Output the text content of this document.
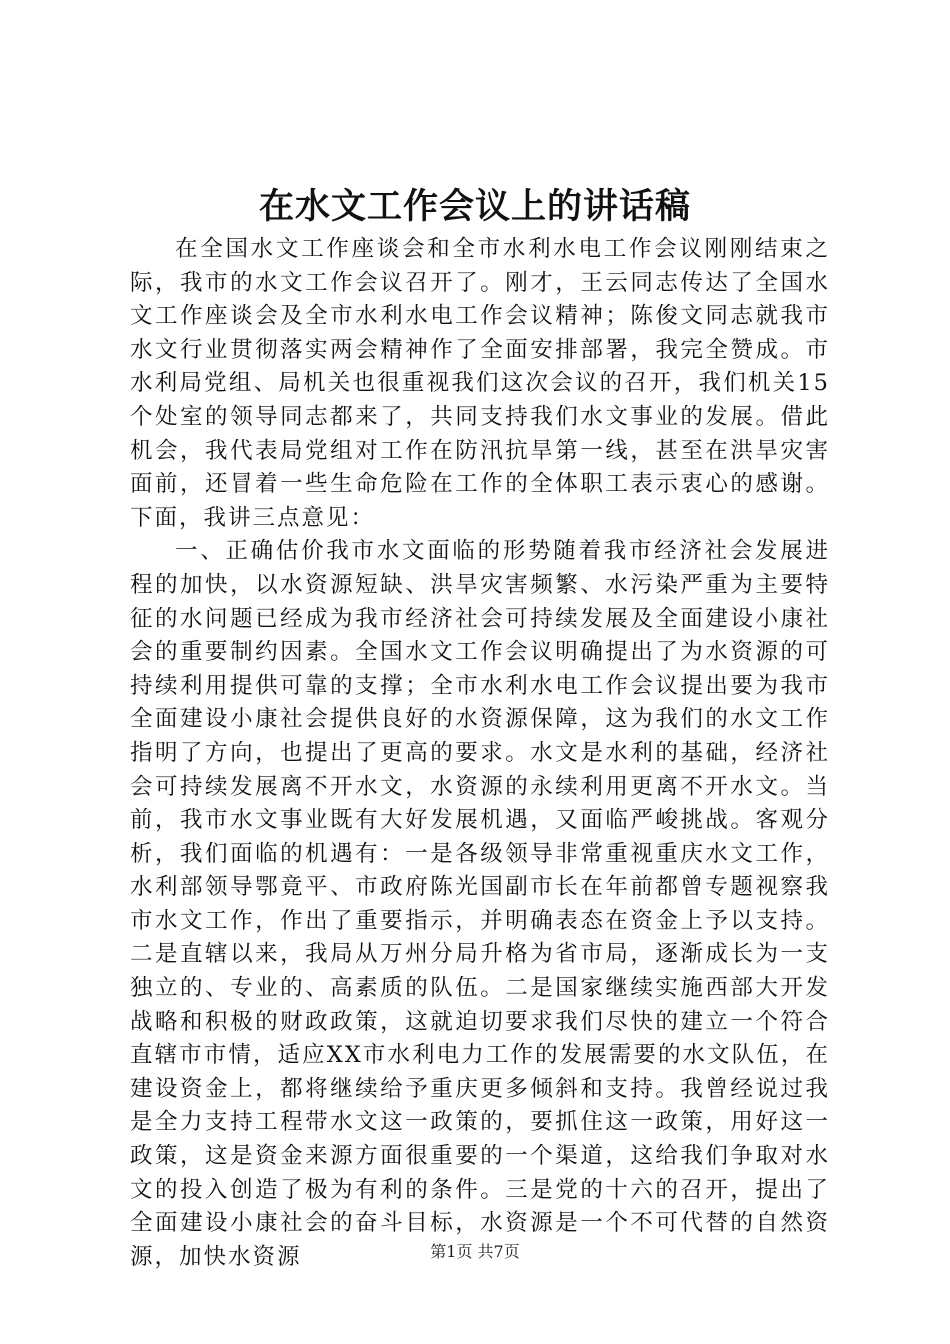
在水文工作会议上的讲话稿

在全国水文工作座谈会和全市水利水电工作会议刚刚结束之际，我市的水文工作会议召开了。刚才，王云同志传达了全国水文工作座谈会及全市水利水电工作会议精神；陈俊文同志就我市水文行业贯彻落实两会精神作了全面安排部署，我完全赞成。市水利局党组、局机关也很重视我们这次会议的召开，我们机关15个处室的领导同志都来了，共同支持我们水文事业的发展。借此机会，我代表局党组对工作在防汛抗旱第一线，甚至在洪旱灾害面前，还冒着一些生命危险在工作的全体职工表示衷心的感谢。下面，我讲三点意见：

一、正确估价我市水文面临的形势随着我市经济社会发展进程的加快，以水资源短缺、洪旱灾害频繁、水污染严重为主要特征的水问题已经成为我市经济社会可持续发展及全面建设小康社会的重要制约因素。全国水文工作会议明确提出了为水资源的可持续利用提供可靠的支撑；全市水利水电工作会议提出要为我市全面建设小康社会提供良好的水资源保障，这为我们的水文工作指明了方向，也提出了更高的要求。水文是水利的基础，经济社会可持续发展离不开水文，水资源的永续利用更离不开水文。当前，我市水文事业既有大好发展机遇，又面临严峻挑战。客观分析，我们面临的机遇有：一是各级领导非常重视重庆水文工作，水利部领导鄂竟平、市政府陈光国副市长在年前都曾专题视察我市水文工作，作出了重要指示，并明确表态在资金上予以支持。二是直辖以来，我局从万州分局升格为省市局，逐渐成长为一支独立的、专业的、高素质的队伍。二是国家继续实施西部大开发战略和积极的财政政策，这就迫切要求我们尽快的建立一个符合直辖市市情，适应XX市水利电力工作的发展需要的水文队伍，在建设资金上，都将继续给予重庆更多倾斜和支持。我曾经说过我是全力支持工程带水文这一政策的，要抓住这一政策，用好这一政策，这是资金来源方面很重要的一个渠道，这给我们争取对水文的投入创造了极为有利的条件。三是党的十六的召开，提出了全面建设小康社会的奋斗目标，水资源是一个不可代替的自然资源，加快水资源	第1页 共7页
